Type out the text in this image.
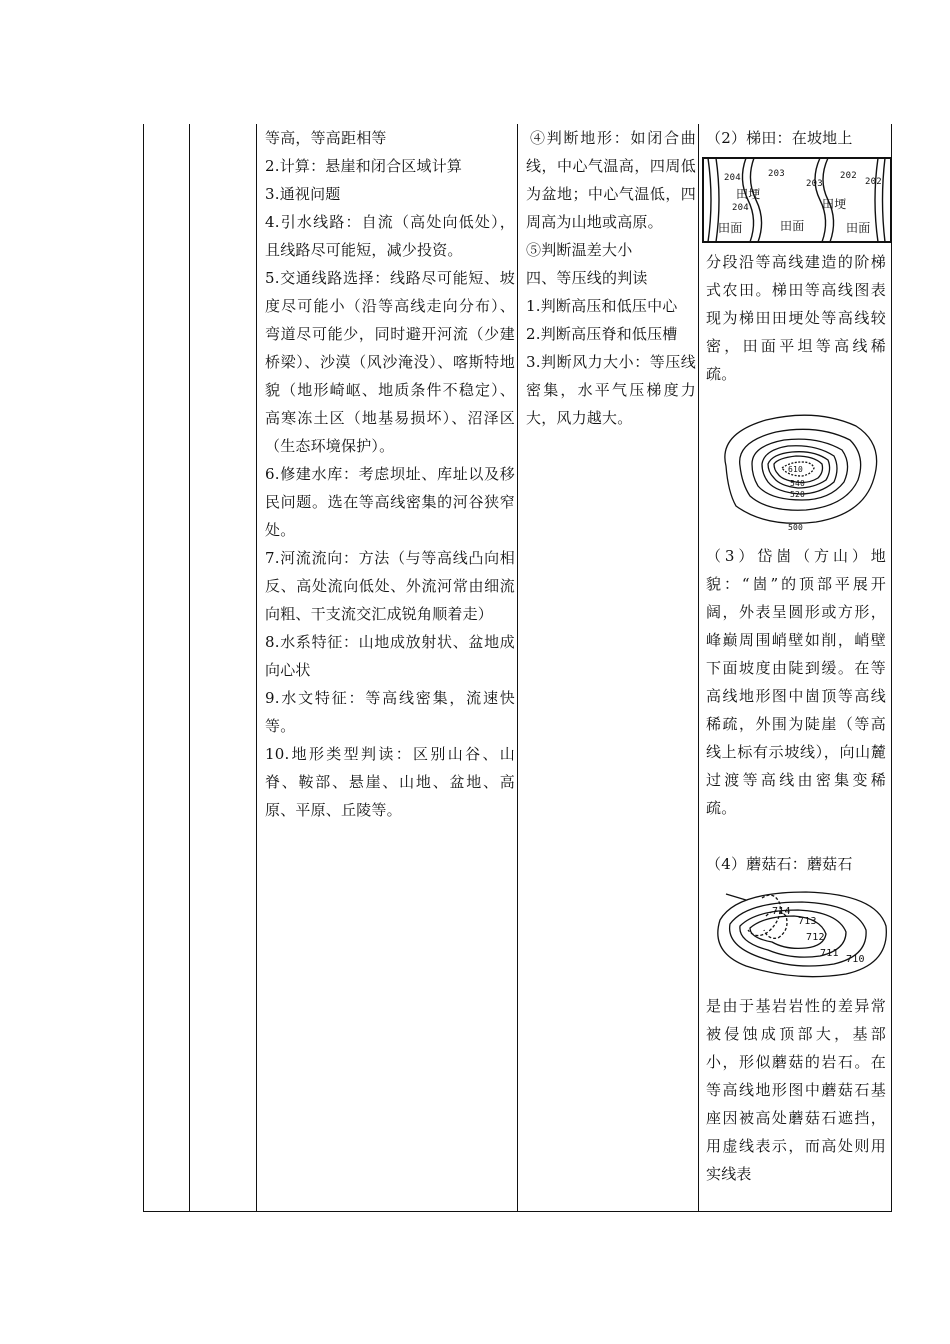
等高，等高距相等

2.计算：悬崖和闭合区域计算

3.通视问题

4.引水线路：自流（高处向低处），且线路尽可能短，减少投资。

5.交通线路选择：线路尽可能短、坡度尽可能小（沿等高线走向分布）、弯道尽可能少，同时避开河流（少建桥梁）、沙漠（风沙淹没）、喀斯特地貌（地形崎岖、地质条件不稳定）、高寒冻土区（地基易损坏）、沼泽区（生态环境保护）。

6.修建水库：考虑坝址、库址以及移民问题。选在等高线密集的河谷狭窄处。

7.河流流向：方法（与等高线凸向相反、高处流向低处、外流河常由细流向粗、干支流交汇成锐角顺着走）

8.水系特征：山地成放射状、盆地成向心状

9.水文特征：等高线密集，流速快等。

10.地形类型判读：区别山谷、山脊、鞍部、悬崖、山地、盆地、高原、平原、丘陵等。

④判断地形：如闭合曲线，中心气温高，四周低为盆地；中心气温低，四周高为山地或高原。

⑤判断温差大小

四、等压线的判读

1.判断高压和低压中心

2.判断高压脊和低压槽

3.判断风力大小：等压线密集，水平气压梯度力大，风力越大。

（2）梯田：在坡地上

204	203
203
202
202
204
田埂
田埂
田面	田面	田面

分段沿等高线建造的阶梯式农田。梯田等高线图表现为梯田田埂处等高线较密，田面平坦等高线稀疏。

610
540
520
500

（3）岱崮（方山）地貌：“崮”的顶部平展开阔，外表呈圆形或方形，峰巅周围峭壁如削，峭壁下面坡度由陡到缓。在等高线地形图中崮顶等高线稀疏，外围为陡崖（等高线上标有示坡线），向山麓过渡等高线由密集变稀疏。

（4）蘑菇石：蘑菇石

714
713
712
711
710

是由于基岩岩性的差异常被侵蚀成顶部大，基部小，形似蘑菇的岩石。在等高线地形图中蘑菇石基座因被高处蘑菇石遮挡，用虚线表示，而高处则用实线表
